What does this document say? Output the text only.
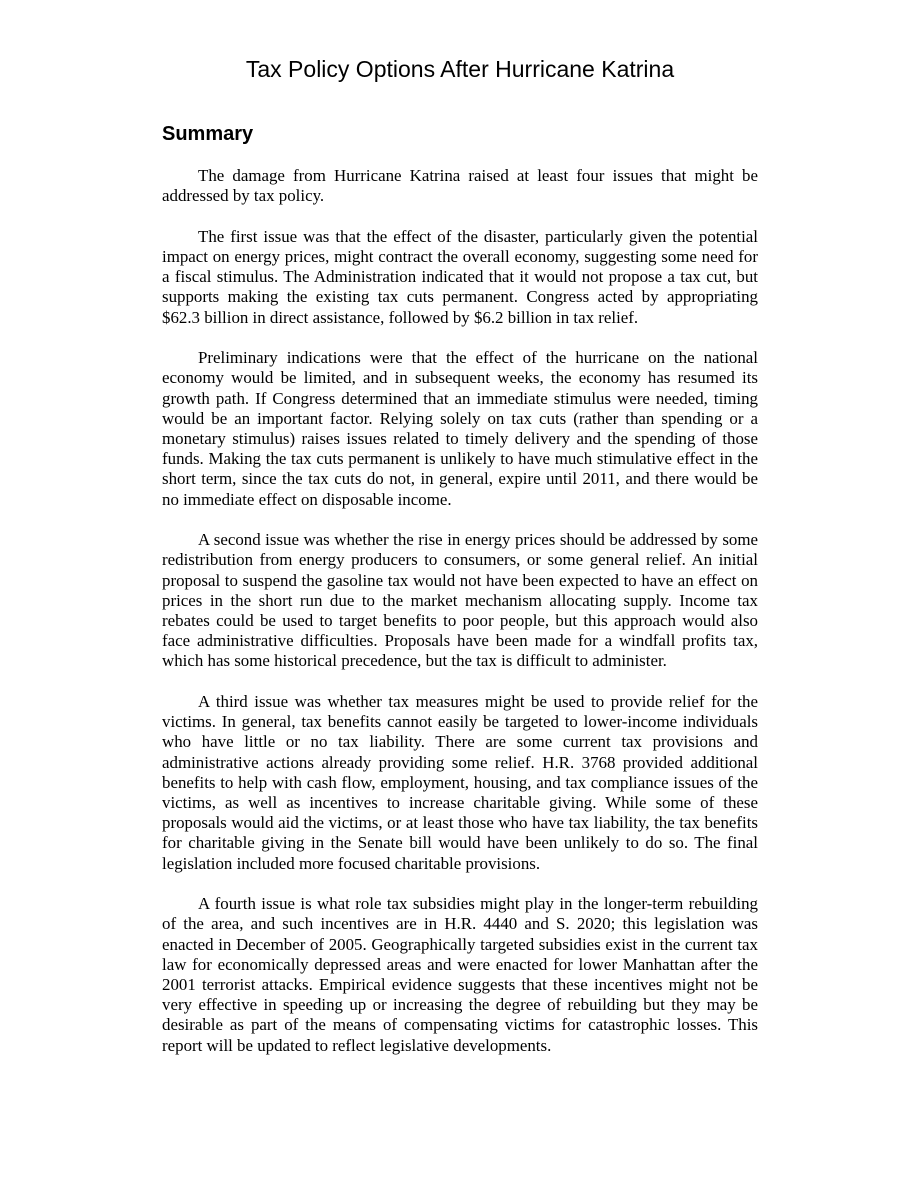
Tax Policy Options After Hurricane Katrina
Summary

The damage from Hurricane Katrina raised at least four issues that might be addressed by tax policy.

The first issue was that the effect of the disaster, particularly given the potential impact on energy prices, might contract the overall economy, suggesting some need for a fiscal stimulus. The Administration indicated that it would not propose a tax cut, but supports making the existing tax cuts permanent. Congress acted by appropriating $62.3 billion in direct assistance, followed by $6.2 billion in tax relief.

Preliminary indications were that the effect of the hurricane on the national economy would be limited, and in subsequent weeks, the economy has resumed its growth path. If Congress determined that an immediate stimulus were needed, timing would be an important factor. Relying solely on tax cuts (rather than spending or a monetary stimulus) raises issues related to timely delivery and the spending of those funds. Making the tax cuts permanent is unlikely to have much stimulative effect in the short term, since the tax cuts do not, in general, expire until 2011, and there would be no immediate effect on disposable income.

A second issue was whether the rise in energy prices should be addressed by some redistribution from energy producers to consumers, or some general relief. An initial proposal to suspend the gasoline tax would not have been expected to have an effect on prices in the short run due to the market mechanism allocating supply. Income tax rebates could be used to target benefits to poor people, but this approach would also face administrative difficulties. Proposals have been made for a windfall profits tax, which has some historical precedence, but the tax is difficult to administer.

A third issue was whether tax measures might be used to provide relief for the victims. In general, tax benefits cannot easily be targeted to lower-income individuals who have little or no tax liability. There are some current tax provisions and administrative actions already providing some relief. H.R. 3768 provided additional benefits to help with cash flow, employment, housing, and tax compliance issues of the victims, as well as incentives to increase charitable giving. While some of these proposals would aid the victims, or at least those who have tax liability, the tax benefits for charitable giving in the Senate bill would have been unlikely to do so. The final legislation included more focused charitable provisions.

A fourth issue is what role tax subsidies might play in the longer-term rebuilding of the area, and such incentives are in H.R. 4440 and S. 2020; this legislation was enacted in December of 2005. Geographically targeted subsidies exist in the current tax law for economically depressed areas and were enacted for lower Manhattan after the 2001 terrorist attacks. Empirical evidence suggests that these incentives might not be very effective in speeding up or increasing the degree of rebuilding but they may be desirable as part of the means of compensating victims for catastrophic losses. This report will be updated to reflect legislative developments.
